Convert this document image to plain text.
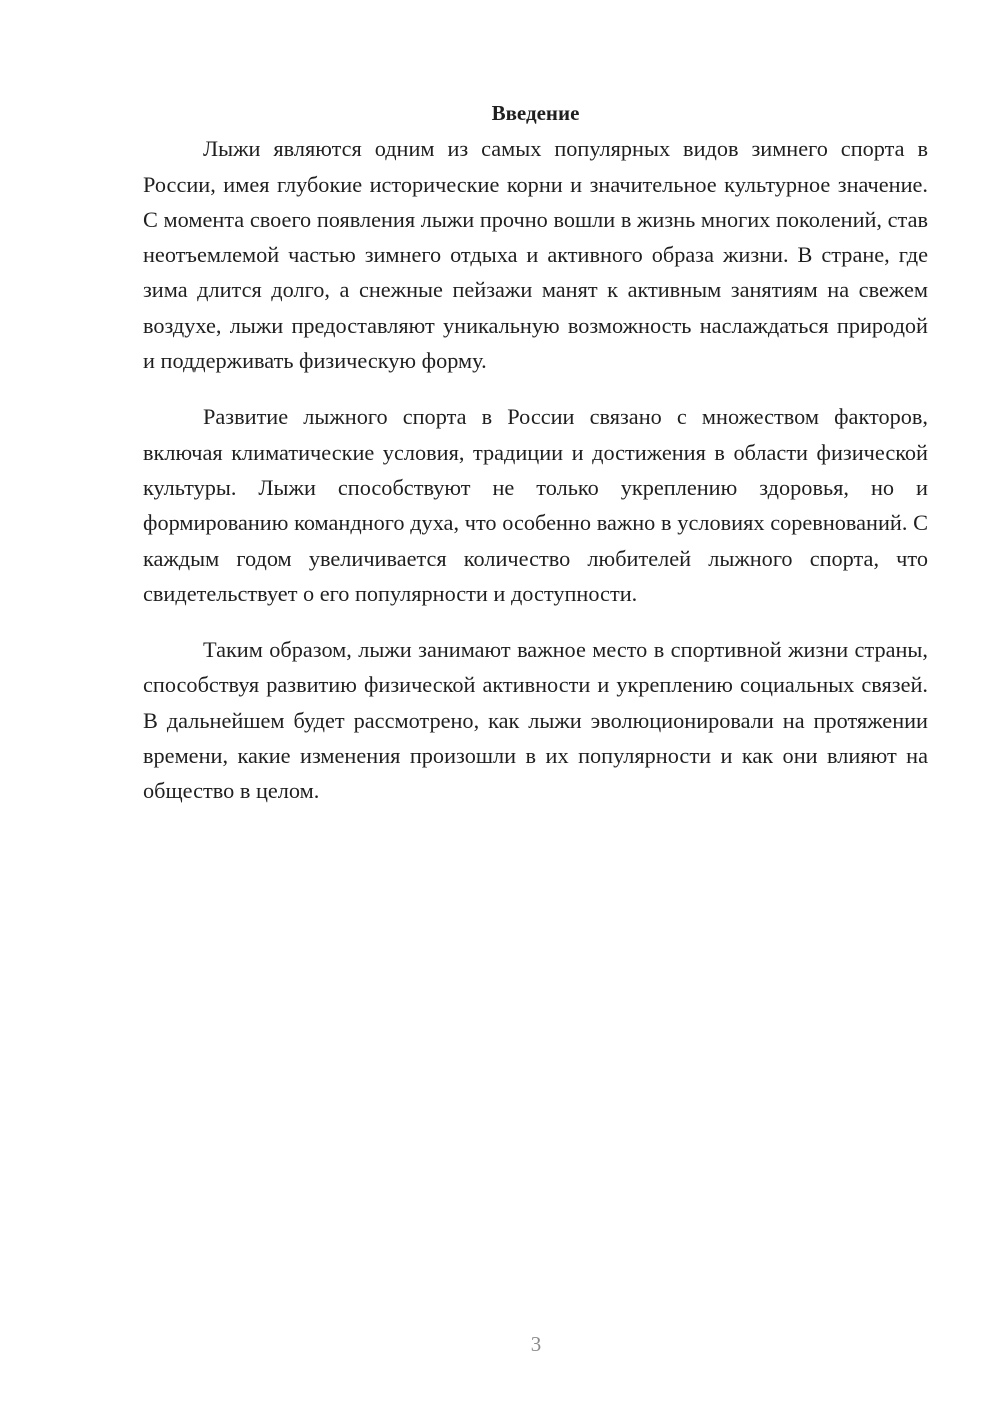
Введение

Лыжи являются одним из самых популярных видов зимнего спорта в России, имея глубокие исторические корни и значительное культурное значение. С момента своего появления лыжи прочно вошли в жизнь многих поколений, став неотъемлемой частью зимнего отдыха и активного образа жизни. В стране, где зима длится долго, а снежные пейзажи манят к активным занятиям на свежем воздухе, лыжи предоставляют уникальную возможность наслаждаться природой и поддерживать физическую форму.

Развитие лыжного спорта в России связано с множеством факторов, включая климатические условия, традиции и достижения в области физической культуры. Лыжи способствуют не только укреплению здоровья, но и формированию командного духа, что особенно важно в условиях соревнований. С каждым годом увеличивается количество любителей лыжного спорта, что свидетельствует о его популярности и доступности.

Таким образом, лыжи занимают важное место в спортивной жизни страны, способствуя развитию физической активности и укреплению социальных связей. В дальнейшем будет рассмотрено, как лыжи эволюционировали на протяжении времени, какие изменения произошли в их популярности и как они влияют на общество в целом.

3
